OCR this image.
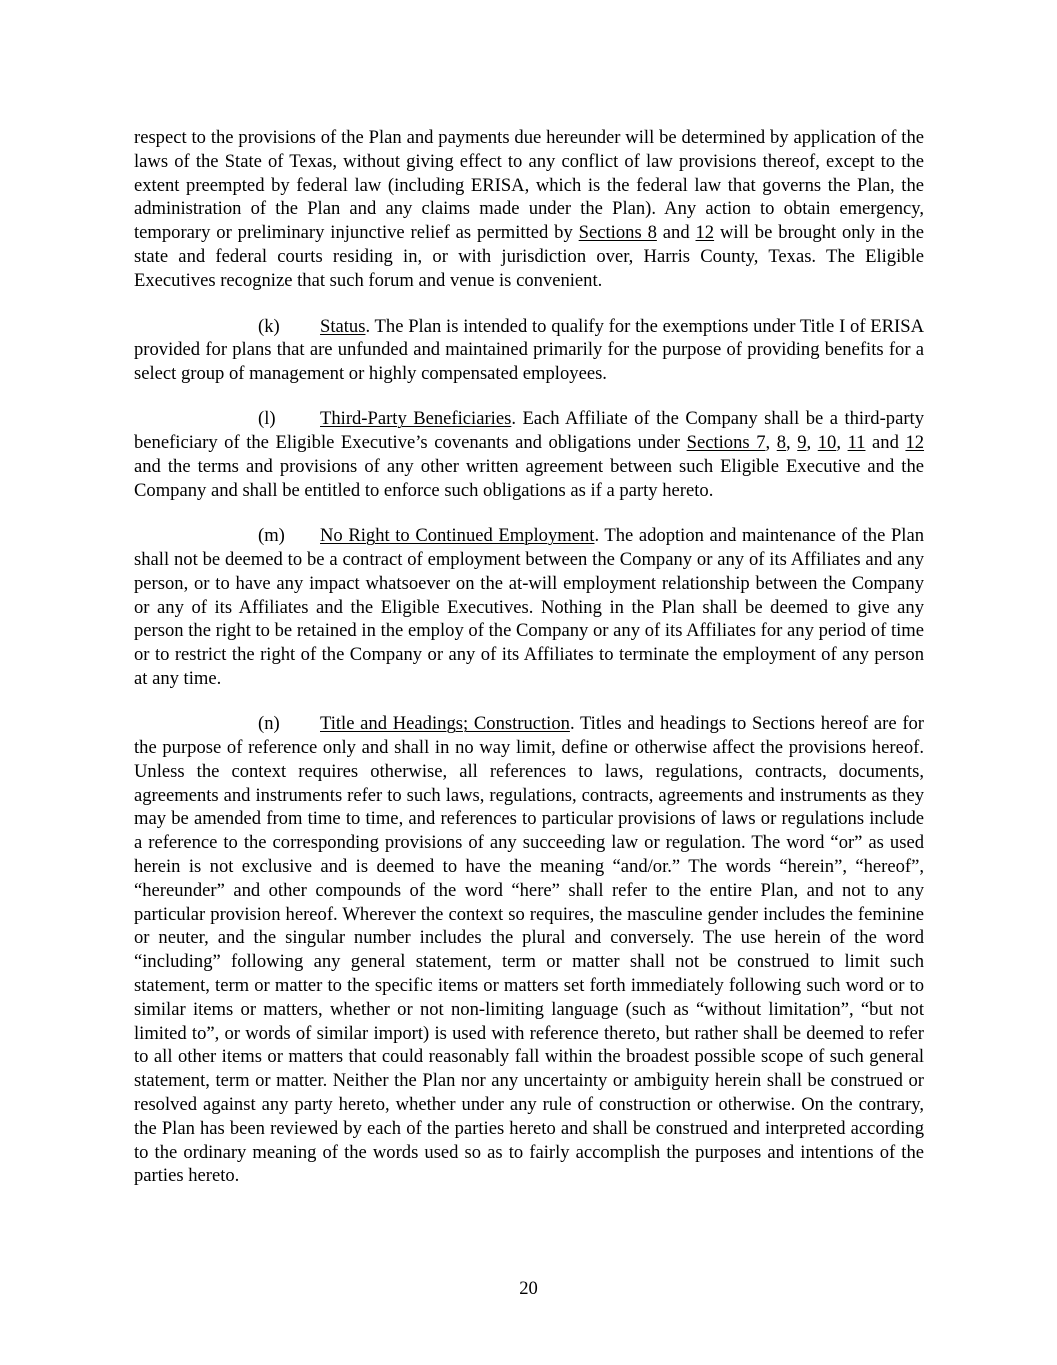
respect to the provisions of the Plan and payments due hereunder will be determined by application of the laws of the State of Texas, without giving effect to any conflict of law provisions thereof, except to the extent preempted by federal law (including ERISA, which is the federal law that governs the Plan, the administration of the Plan and any claims made under the Plan). Any action to obtain emergency, temporary or preliminary injunctive relief as permitted by Sections 8 and 12 will be brought only in the state and federal courts residing in, or with jurisdiction over, Harris County, Texas. The Eligible Executives recognize that such forum and venue is convenient.

(k) Status. The Plan is intended to qualify for the exemptions under Title I of ERISA provided for plans that are unfunded and maintained primarily for the purpose of providing benefits for a select group of management or highly compensated employees.

(l) Third-Party Beneficiaries. Each Affiliate of the Company shall be a third-party beneficiary of the Eligible Executive’s covenants and obligations under Sections 7, 8, 9, 10, 11 and 12 and the terms and provisions of any other written agreement between such Eligible Executive and the Company and shall be entitled to enforce such obligations as if a party hereto.

(m) No Right to Continued Employment. The adoption and maintenance of the Plan shall not be deemed to be a contract of employment between the Company or any of its Affiliates and any person, or to have any impact whatsoever on the at-will employment relationship between the Company or any of its Affiliates and the Eligible Executives. Nothing in the Plan shall be deemed to give any person the right to be retained in the employ of the Company or any of its Affiliates for any period of time or to restrict the right of the Company or any of its Affiliates to terminate the employment of any person at any time.

(n) Title and Headings; Construction. Titles and headings to Sections hereof are for the purpose of reference only and shall in no way limit, define or otherwise affect the provisions hereof. Unless the context requires otherwise, all references to laws, regulations, contracts, documents, agreements and instruments refer to such laws, regulations, contracts, agreements and instruments as they may be amended from time to time, and references to particular provisions of laws or regulations include a reference to the corresponding provisions of any succeeding law or regulation. The word “or” as used herein is not exclusive and is deemed to have the meaning “and/or.” The words “herein”, “hereof”, “hereunder” and other compounds of the word “here” shall refer to the entire Plan, and not to any particular provision hereof. Wherever the context so requires, the masculine gender includes the feminine or neuter, and the singular number includes the plural and conversely. The use herein of the word “including” following any general statement, term or matter shall not be construed to limit such statement, term or matter to the specific items or matters set forth immediately following such word or to similar items or matters, whether or not non-limiting language (such as “without limitation”, “but not limited to”, or words of similar import) is used with reference thereto, but rather shall be deemed to refer to all other items or matters that could reasonably fall within the broadest possible scope of such general statement, term or matter. Neither the Plan nor any uncertainty or ambiguity herein shall be construed or resolved against any party hereto, whether under any rule of construction or otherwise. On the contrary, the Plan has been reviewed by each of the parties hereto and shall be construed and interpreted according to the ordinary meaning of the words used so as to fairly accomplish the purposes and intentions of the parties hereto.

20
